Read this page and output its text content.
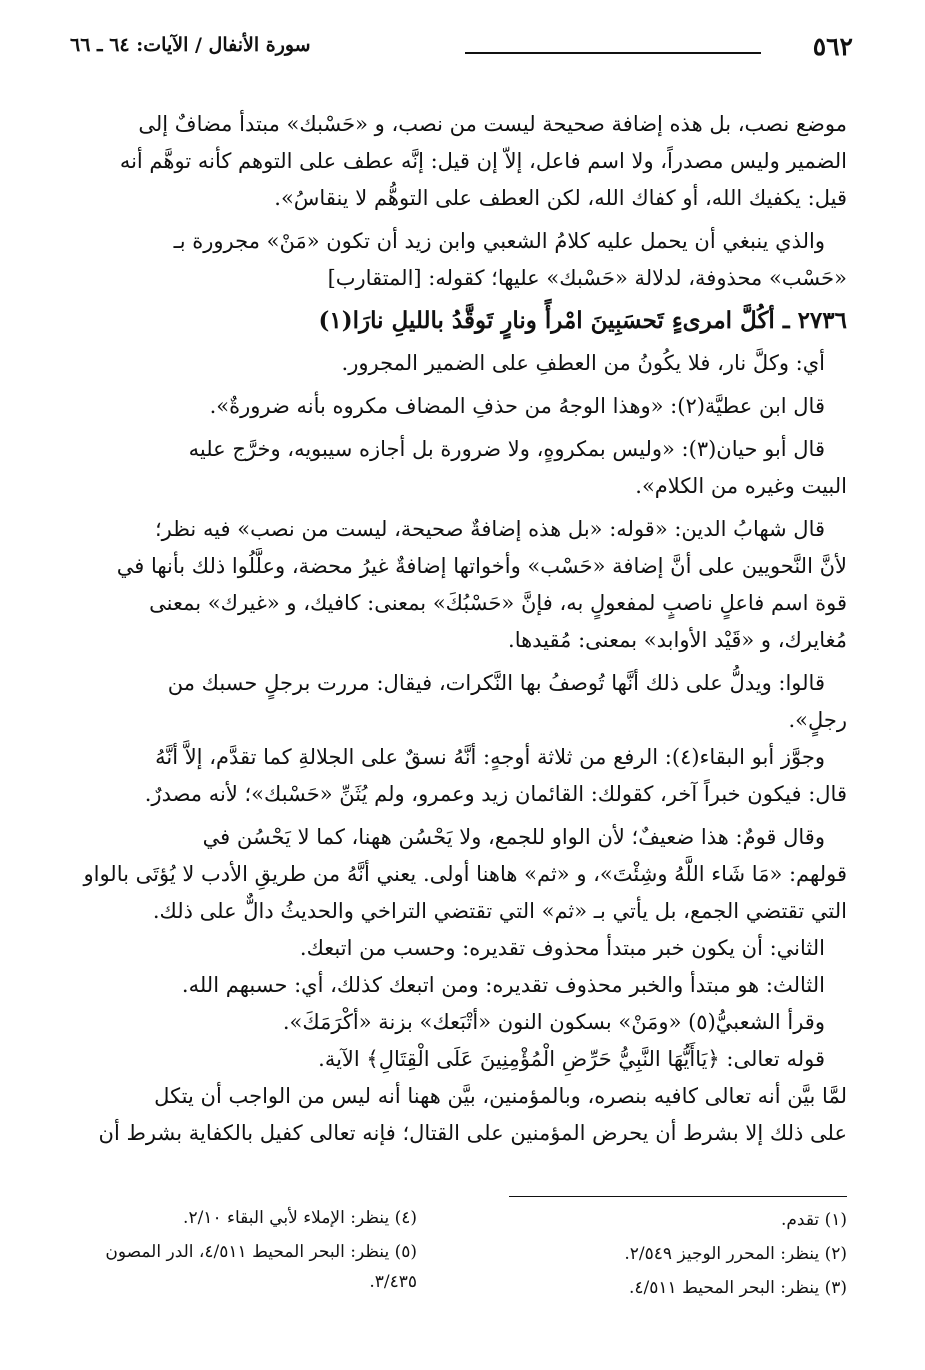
٥٦٢
سورة الأنفال / الآيات: ٦٤ ـ ٦٦
موضع نصب، بل هذه إضافة صحيحة ليست من نصب، و «حَسْبك» مبتدأ مضافٌ إلى
الضمير وليس مصدراً، ولا اسم فاعل، إلاّ إن قيل: إنَّه عطف على التوهم كأنه توهَّم أنه
قيل: يكفيك الله، أو كفاك الله، لكن العطف على التوهُّم لا ينقاسُ».
والذي ينبغي أن يحمل عليه كلامُ الشعبي وابن زيد أن تكون «مَنْ» مجرورة بـ
«حَسْب» محذوفة، لدلالة «حَسْبك» عليها؛ كقوله: [المتقارب]
٢٧٣٦ ـ أكُلَّ امرىءٍ تَحسَبِينَ امْرأً ونارٍ تَوقَّدُ بالليلِ نارَا(١)
أي: وكلَّ نار، فلا يكُونُ من العطفِ على الضمير المجرور.
قال ابن عطيَّة(٢): «وهذا الوجهُ من حذفِ المضاف مكروه بأنه ضرورةٌ».
قال أبو حيان(٣): «وليس بمكروهٍ، ولا ضرورة بل أجازه سيبويه، وخرَّج عليه
البيت وغيره من الكلام».
قال شهابُ الدين: «قوله: «بل هذه إضافةٌ صحيحة، ليست من نصب» فيه نظر؛
لأنَّ النَّحويين على أنَّ إضافة «حَسْب» وأخواتها إضافةٌ غيرُ محضة، وعلَّلُوا ذلك بأنها في
قوة اسم فاعلٍ ناصبٍ لمفعولٍ به، فإنَّ «حَسْبُكَ» بمعنى: كافيك، و «غيرك» بمعنى
مُغايرك، و «قَيْد الأوابد» بمعنى: مُقيدها.
قالوا: ويدلُّ على ذلك أنَّها تُوصفُ بها النَّكرات، فيقال: مررت برجلٍ حسبك من
رجلٍ».
وجوَّز أبو البقاء(٤): الرفع من ثلاثة أوجهٍ: أنَّهُ نسقٌ على الجلالةِ كما تقدَّم، إلاَّ أنَّهُ
قال: فيكون خبراً آخر، كقولك: القائمان زيد وعمرو، ولم يُثَنِّ «حَسْبك»؛ لأنه مصدرٌ.
وقال قومٌ: هذا ضعيفٌ؛ لأن الواو للجمع، ولا يَحْسُن ههنا، كما لا يَحْسُن في
قولهم: «مَا شَاء اللَّهُ وشِئْتَ»، و «ثم» هاهنا أولى. يعني أنَّهُ من طريقِ الأدب لا يُؤتَى بالواو
التي تقتضي الجمع، بل يأتي بـ «ثم» التي تقتضي التراخي والحديثُ دالٌّ على ذلك.
الثاني: أن يكون خبر مبتدأ محذوف تقديره: وحسب من اتبعك.
الثالث: هو مبتدأ والخبر محذوف تقديره: ومن اتبعك كذلك، أي: حسبهم الله.
وقرأ الشعبيُّ(٥) «ومَنْ» بسكون النون «أتْبَعك» بزنة «أكْرَمَكَ».
قوله تعالى: ﴿يَاأَيُّهَا النَّبِيُّ حَرِّضِ الْمُؤْمِنِينَ عَلَى الْقِتَالِ﴾ الآية.
لمَّا بيَّن أنه تعالى كافيه بنصره، وبالمؤمنين، بيَّن ههنا أنه ليس من الواجب أن يتكل
على ذلك إلا بشرط أن يحرض المؤمنين على القتال؛ فإنه تعالى كفيل بالكفاية بشرط أن
(١) تقدم.
(٢) ينظر: المحرر الوجيز ٢/٥٤٩.
(٣) ينظر: البحر المحيط ٤/٥١١.
(٤) ينظر: الإملاء لأبي البقاء ٢/١٠.
(٥) ينظر: البحر المحيط ٤/٥١١، الدر المصون
٣/٤٣٥.
